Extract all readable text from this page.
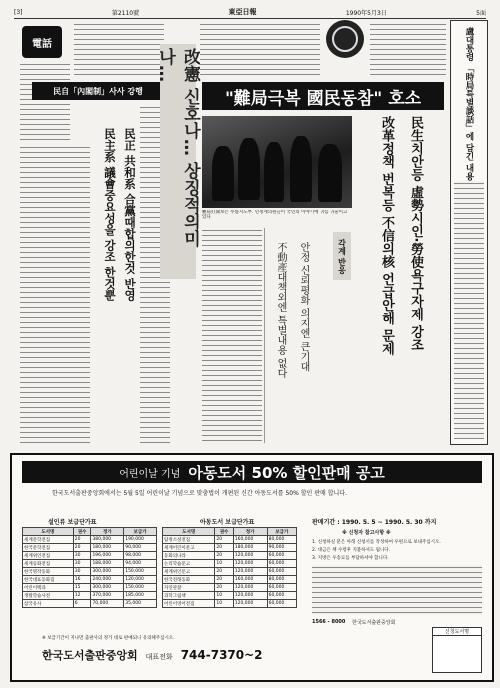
[3]	第2110號	東亞日報	1990年5月3日	5面
電話
民自「內閣制」사사 강행
民正 共和系 合黨때합의한것 반영
民主系 議會중요성을 강조 한것뿐	改憲 신호나… 상징적의미나…
"難局극복 國民동참" 호소
難局打開보는 무릎지도부. 민정계의원들이 국민의 이야기에 귀를 귀울이고 있다	民生치안등 虛勢시인·勞使욕구자제 강조
改革정책 번복등 不信의核 언급안해 문제
각계 반응
안정 신뢰평화 의지엔 큰기대
不動產대책외엔 특별내용 없다
盧대통령 「時局특별談話」에 담긴 내용
어린이날 기념 아동도서 50% 할인판매 공고
한국도서출판중앙회에서는 5월 5일 어린이날 기념으로 맞춤법이 개편된 신간 아동도서를 50% 할인 판매 합니다.
설인류 보급단가표
도서명	권수	정가	보급가
세계문학전집	20	380,000	190,000
한국문학전집	20	180,000	90,000
세계위인전집	30	196,000	98,000
세계동화전집	30	188,000	94,000
한국명작동화	30	300,000	150,000
한국대표동화집	16	240,000	120,000
어린이백과	15	300,000	150,000
생활학습사전	12	370,000	185,000
삼국유사	6	70,000	35,000
아동도서 보급단가표
도서명	권수	정가	보급가
탐정소설전집	20	160,000	80,000
세계어린이문고	20	180,000	90,000
동화의나라	20	120,000	60,000
논리학습문고	10	120,000	60,000
세계위인문고	20	120,000	60,000
한국전래동화	20	160,000	80,000
자연관찰	20	120,000	60,000
과학그림책	10	120,000	60,000
어린이영어전집	10	120,000	60,000
판매기간 : 1990. 5. 5 ~ 1990. 5. 30 까지
※ 신청자 참고사항 ※
1. 신청하실 분은 아래 신청서를 작성하여 우편으로 보내주십시오.
2. 대금은 책 수령후 지불하셔도 됩니다.
3. 지방은 우송료를 부담하셔야 합니다.
1566 - 8000 한국도서출판중앙회
신청도서명
※ 보급기간이 지나면 출판사의 정가 대로 판매되니 유의해주십시오.
한국도서출판중앙회 대표전화 744-7370~2
